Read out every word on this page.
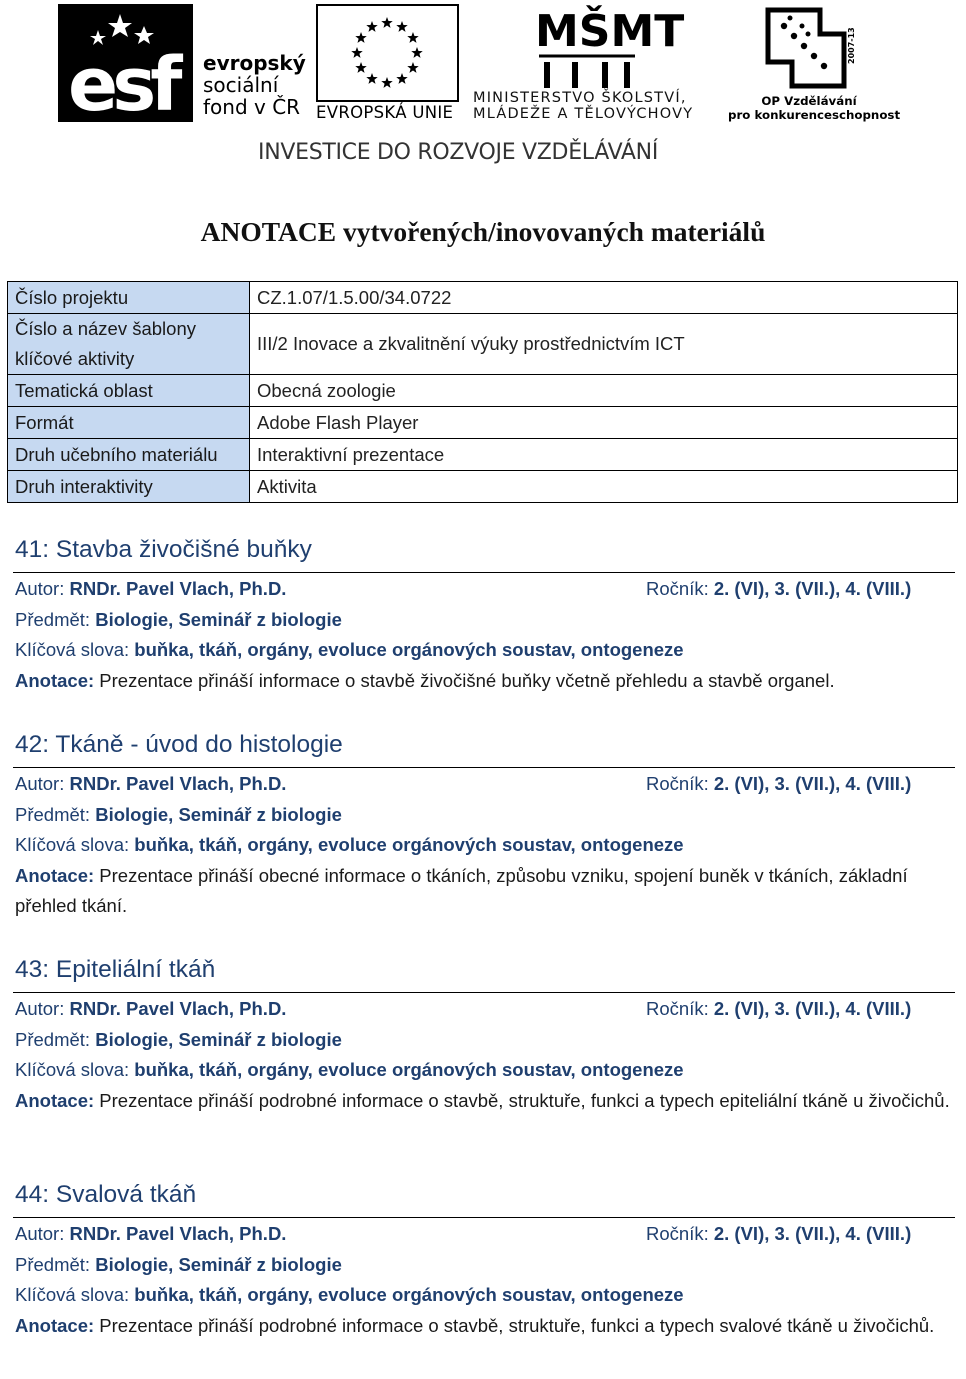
esf evropský
sociální
fond v ČR EVROPSKÁ UNIE
MŠMT
MINISTERSTVO ŠKOLSTVÍ,
MLÁDEŽE A TĚLOVÝCHOVY
2007-13
OP Vzdělávání
pro konkurenceschopnost
INVESTICE DO ROZVOJE VZDĚLÁVÁNÍ
ANOTACE vytvořených/inovovaných materiálů
Číslo projektu	CZ.1.07/1.5.00/34.0722
Číslo a název šablony klíčové aktivity	III/2 Inovace a zkvalitnění výuky prostřednictvím ICT
Tematická oblast	Obecná zoologie
Formát	Adobe Flash Player
Druh učebního materiálu	Interaktivní prezentace
Druh interaktivity	Aktivita
41: Stavba živočišné buňky
Autor: RNDr. Pavel Vlach, Ph.D.	Ročník: 2. (VI), 3. (VII.), 4. (VIII.)
Předmět: Biologie, Seminář z biologie
Klíčová slova: buňka, tkáň, orgány, evoluce orgánových soustav, ontogeneze
Anotace: Prezentace přináší informace o stavbě živočišné buňky včetně přehledu a stavbě organel.
42: Tkáně - úvod do histologie
Autor: RNDr. Pavel Vlach, Ph.D.	Ročník: 2. (VI), 3. (VII.), 4. (VIII.)
Předmět: Biologie, Seminář z biologie
Klíčová slova: buňka, tkáň, orgány, evoluce orgánových soustav, ontogeneze
Anotace: Prezentace přináší obecné informace o tkáních, způsobu vzniku, spojení buněk v tkáních, základní přehled tkání.
43: Epiteliální tkáň
Autor: RNDr. Pavel Vlach, Ph.D.	Ročník: 2. (VI), 3. (VII.), 4. (VIII.)
Předmět: Biologie, Seminář z biologie
Klíčová slova: buňka, tkáň, orgány, evoluce orgánových soustav, ontogeneze
Anotace: Prezentace přináší podrobné informace o stavbě, struktuře, funkci a typech epiteliální tkáně u živočichů.
44: Svalová tkáň
Autor: RNDr. Pavel Vlach, Ph.D.	Ročník: 2. (VI), 3. (VII.), 4. (VIII.)
Předmět: Biologie, Seminář z biologie
Klíčová slova: buňka, tkáň, orgány, evoluce orgánových soustav, ontogeneze
Anotace: Prezentace přináší podrobné informace o stavbě, struktuře, funkci a typech svalové tkáně u živočichů.
